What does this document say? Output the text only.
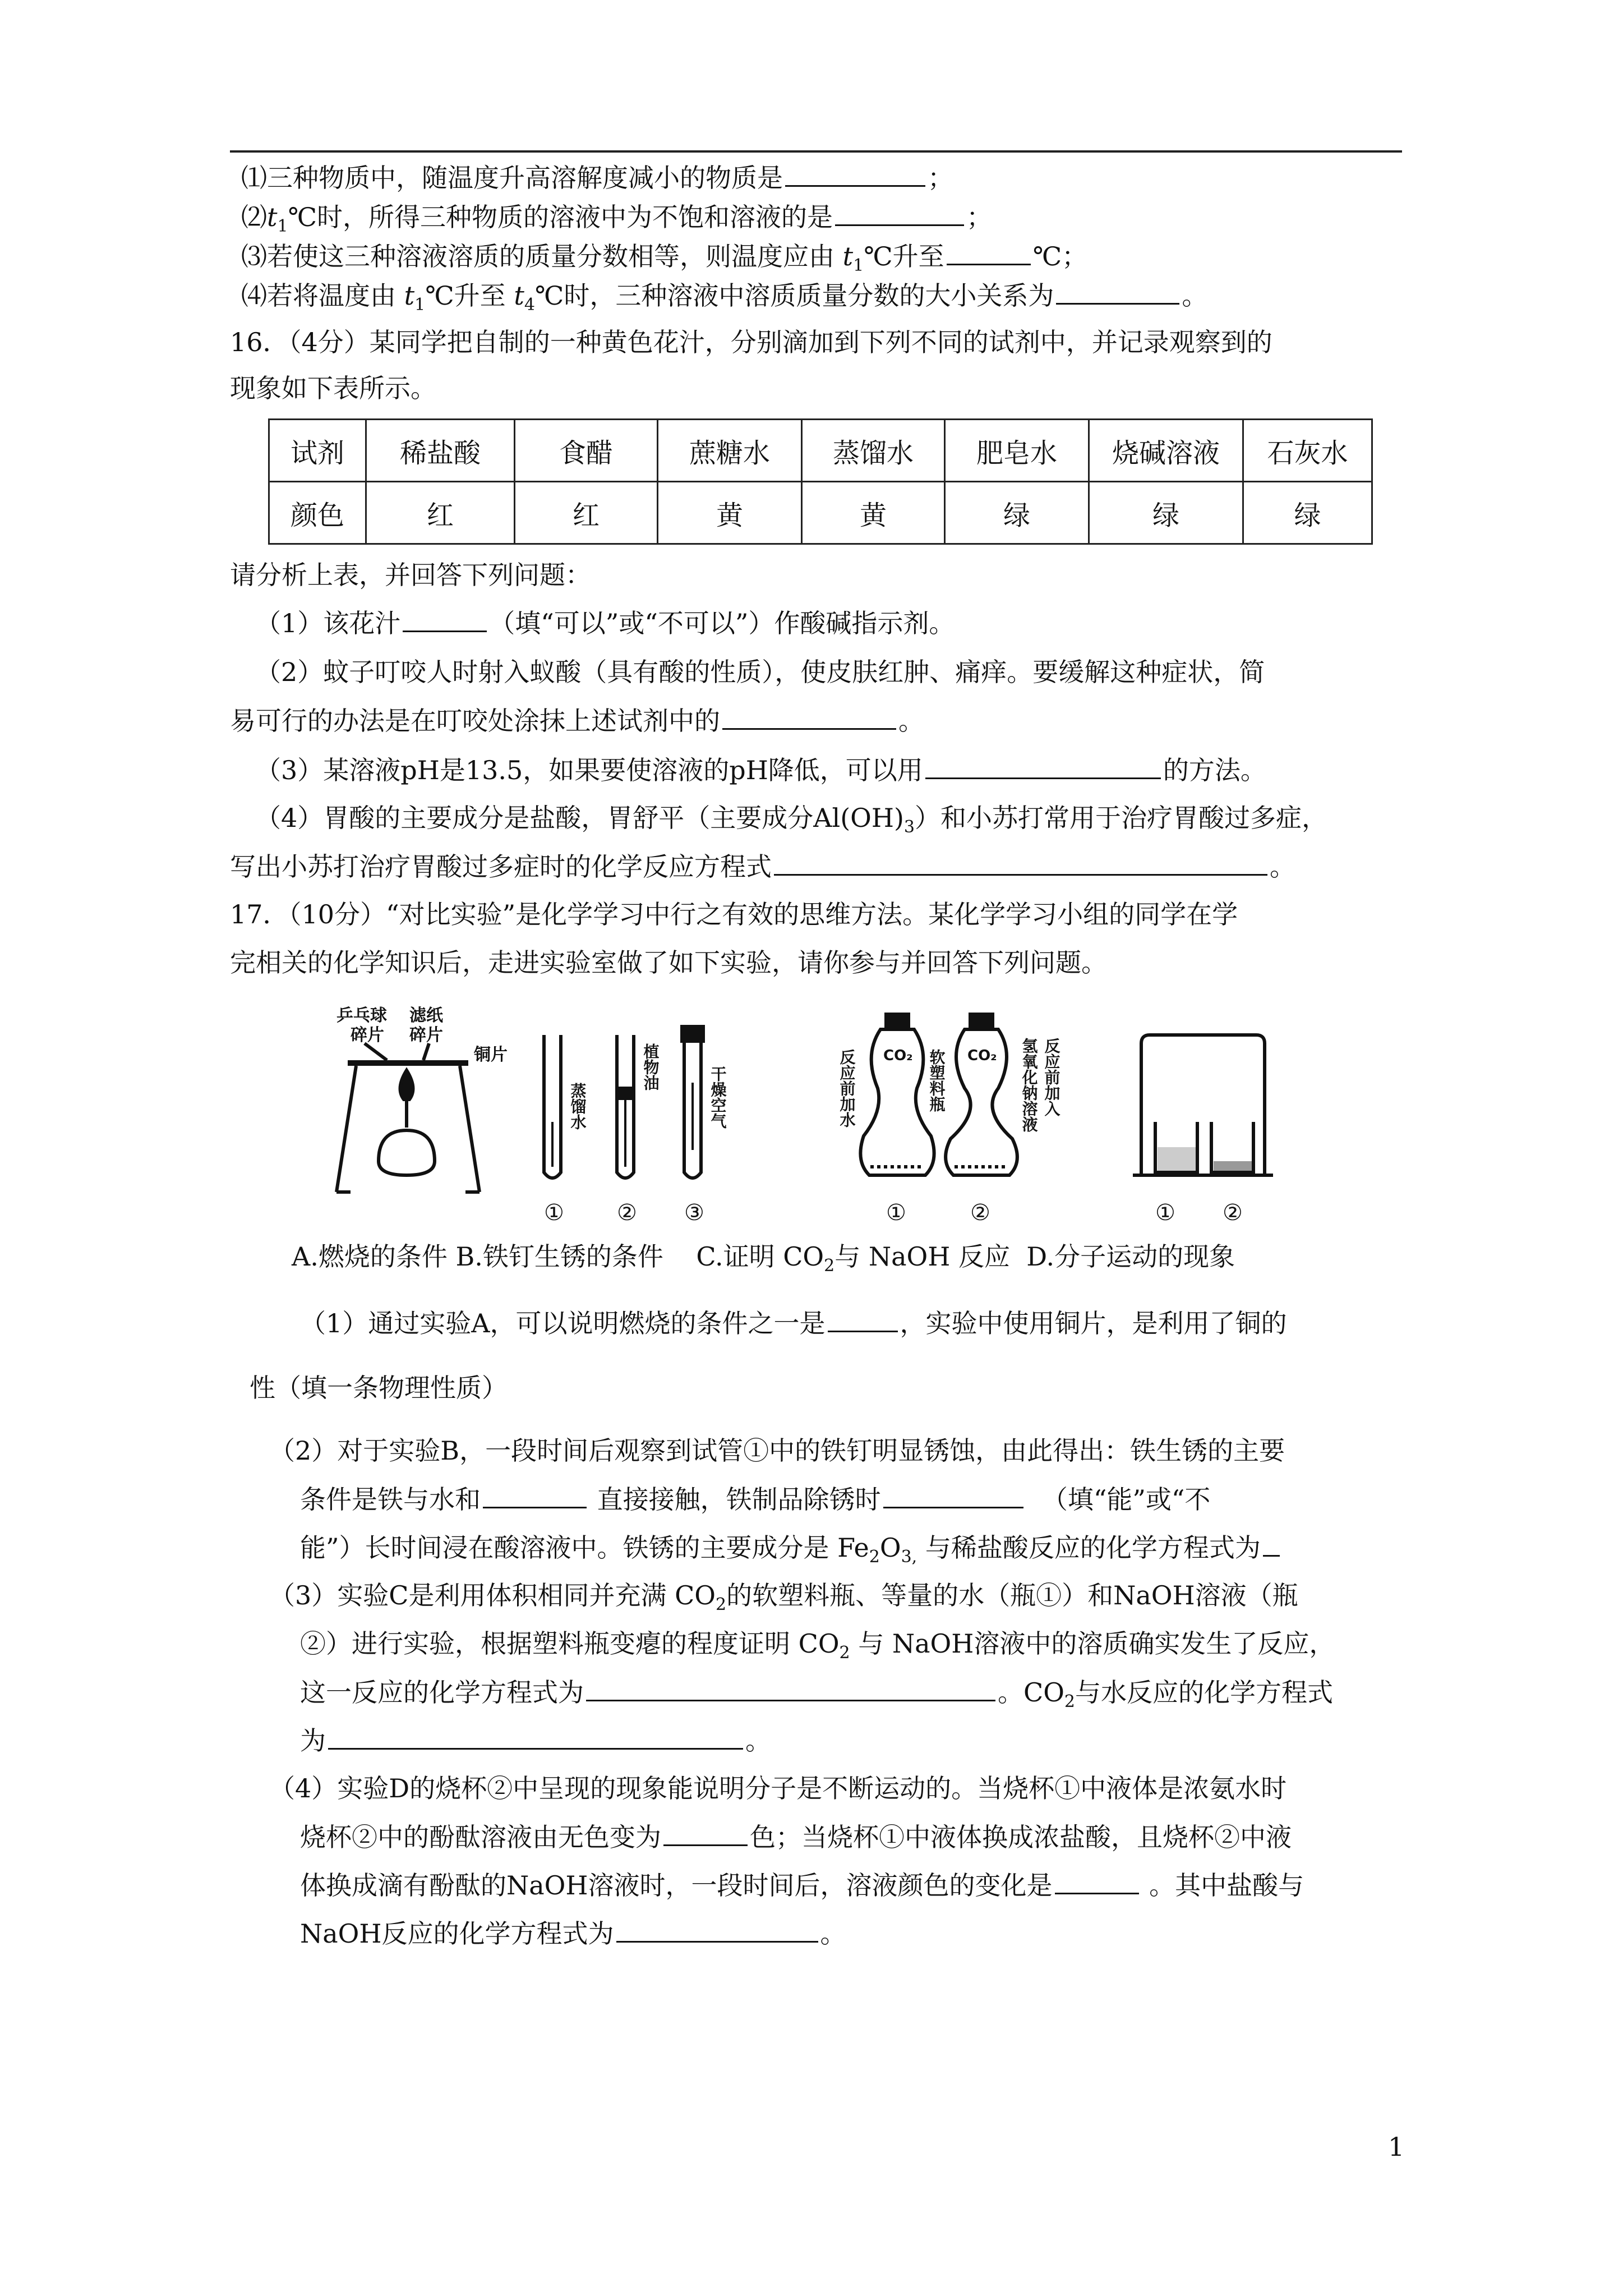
⑴三种物质中，随温度升高溶解度减小的物质是	；
$⑵t_1℃$时，所得三种物质的溶液中为不饱和溶液的是	；
⑶若使这三种溶液溶质的质量分数相等，则温度应由 $t_1℃$升至	℃；
⑷若将温度由 $t_1℃$升至 $t_4℃$时，三种溶液中溶质质量分数的大小关系为	。
16．（4分）某同学把自制的一种黄色花汁，分别滴加到下列不同的试剂中，并记录观察到的
现象如下表所示。
试剂	稀盐酸	食醋	蔗糖水	蒸馏水	肥皂水	烧碱溶液	石灰水
颜色	红	红	黄	黄	绿	绿	绿
请分析上表，并回答下列问题：
（1）该花汁	（填“可以”或“不可以”）作酸碱指示剂。
（2）蚊子叮咬人时射入蚁酸（具有酸的性质），使皮肤红肿、痛痒。要缓解这种症状，简
易可行的办法是在叮咬处涂抹上述试剂中的	。
（3）某溶液pH是13.5，如果要使溶液的pH降低，可以用	的方法。
（4）胃酸的主要成分是盐酸，胃舒平（主要成分$Al(OH)_3$）和小苏打常用于治疗胃酸过多症，
写出小苏打治疗胃酸过多症时的化学反应方程式	。
17．（10分）“对比实验”是化学学习中行之有效的思维方法。某化学学习小组的同学在学
完相关的化学知识后，走进实验室做了如下实验，请你参与并回答下列问题。
乒乓球
碎片
滤纸
碎片
铜片
蒸馏水
植物油	干燥空气
① ② ③
CO₂	CO₂
反应前加水	软塑料瓶	氢氧化钠溶液 反应前加入
①	②	① ②
A.燃烧的条件 B.铁钉生锈的条件 C.证明 $CO_2$与 NaOH 反应 D.分子运动的现象
（1）通过实验A，可以说明燃烧的条件之一是	，实验中使用铜片，是利用了铜的
性（填一条物理性质）
（2）对于实验B，一段时间后观察到试管①中的铁钉明显锈蚀，由此得出：铁生锈的主要
条件是铁与水和	直接接触，铁制品除锈时	（填“能”或“不
能”）长时间浸在酸溶液中。铁锈的主要成分是 $Fe_2O_{3,}$ 与稀盐酸反应的化学方程式为
（3）实验C是利用体积相同并充满 $CO_2$的软塑料瓶、等量的水（瓶①）和NaOH溶液（瓶
②）进行实验，根据塑料瓶变瘪的程度证明 $CO_2$ 与 NaOH溶液中的溶质确实发生了反应，
这一反应的化学方程式为	。$CO_2$与水反应的化学方程式
为	。
（4）实验D的烧杯②中呈现的现象能说明分子是不断运动的。当烧杯①中液体是浓氨水时
烧杯②中的酚酞溶液由无色变为	色；当烧杯①中液体换成浓盐酸，且烧杯②中液
体换成滴有酚酞的NaOH溶液时，一段时间后，溶液颜色的变化是	。其中盐酸与
NaOH反应的化学方程式为	。
1
